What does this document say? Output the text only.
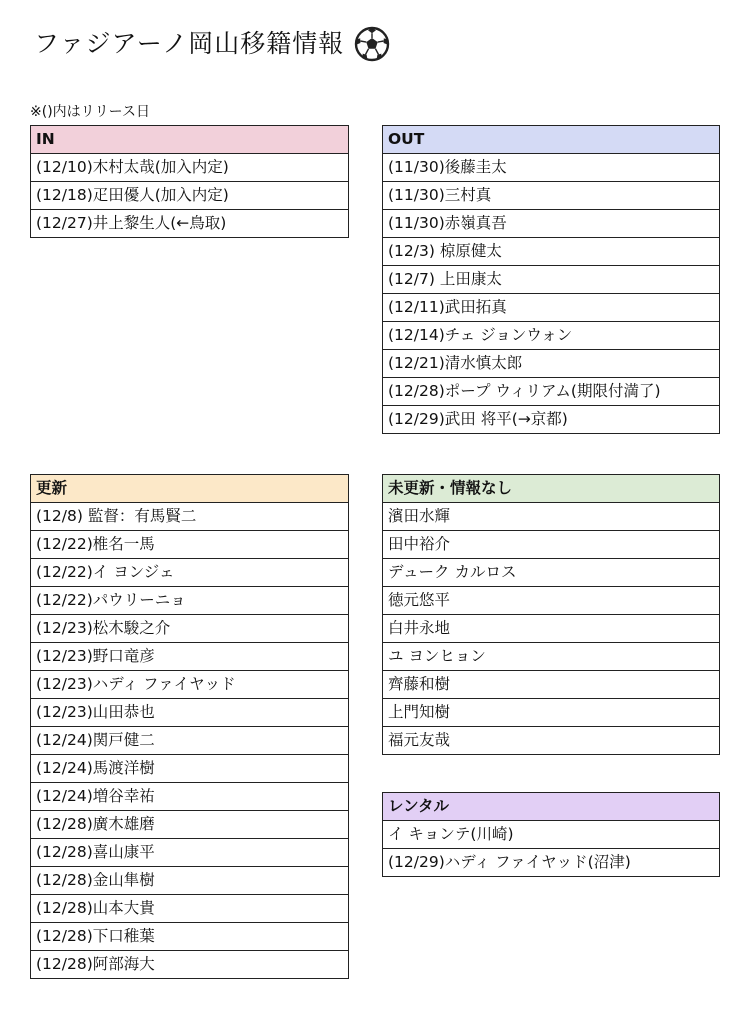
ファジアーノ岡山移籍情報
※()内はリリース日
IN
(12/10)木村太哉(加入内定)
(12/18)疋田優人(加入内定)
(12/27)井上黎生人(←鳥取)
OUT
(11/30)後藤圭太
(11/30)三村真
(11/30)赤嶺真吾
(12/3) 椋原健太
(12/7) 上田康太
(12/11)武田拓真
(12/14)チェ ジョンウォン
(12/21)清水慎太郎
(12/28)ポープ ウィリアム(期限付満了)
(12/29)武田 将平(→京都)
更新
(12/8) 監督：有馬賢二
(12/22)椎名一馬
(12/22)イ ヨンジェ
(12/22)パウリーニョ
(12/23)松木駿之介
(12/23)野口竜彦
(12/23)ハディ ファイヤッド
(12/23)山田恭也
(12/24)関戸健二
(12/24)馬渡洋樹
(12/24)増谷幸祐
(12/28)廣木雄磨
(12/28)喜山康平
(12/28)金山隼樹
(12/28)山本大貴
(12/28)下口稚葉
(12/28)阿部海大
未更新・情報なし
濱田水輝
田中裕介
デューク カルロス
徳元悠平
白井永地
ユ ヨンヒョン
齊藤和樹
上門知樹
福元友哉
レンタル
イ キョンテ(川崎)
(12/29)ハディ ファイヤッド(沼津)
